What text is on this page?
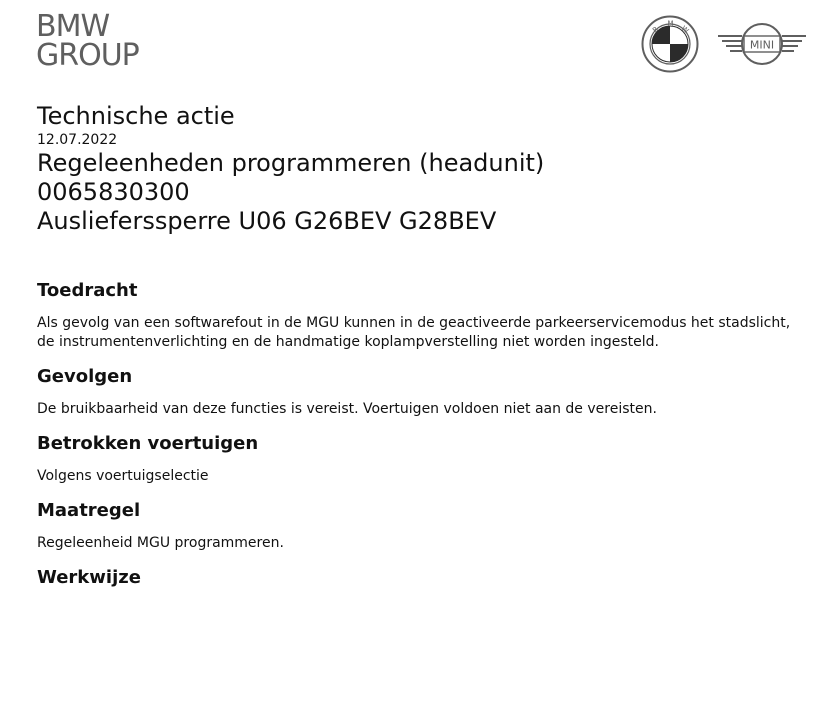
BMW
GROUP
B
M
W
MINI
Technische actie
12.07.2022
Regeleenheden programmeren (headunit)
0065830300
Auslieferssperre U06 G26BEV G28BEV
Toedracht

Als gevolg van een softwarefout in de MGU kunnen in de geactiveerde parkeerservicemodus het stadslicht,
de instrumentenverlichting en de handmatige koplampverstelling niet worden ingesteld.

Gevolgen

De bruikbaarheid van deze functies is vereist. Voertuigen voldoen niet aan de vereisten.

Betrokken voertuigen

Volgens voertuigselectie

Maatregel

Regeleenheid MGU programmeren.

Werkwijze
